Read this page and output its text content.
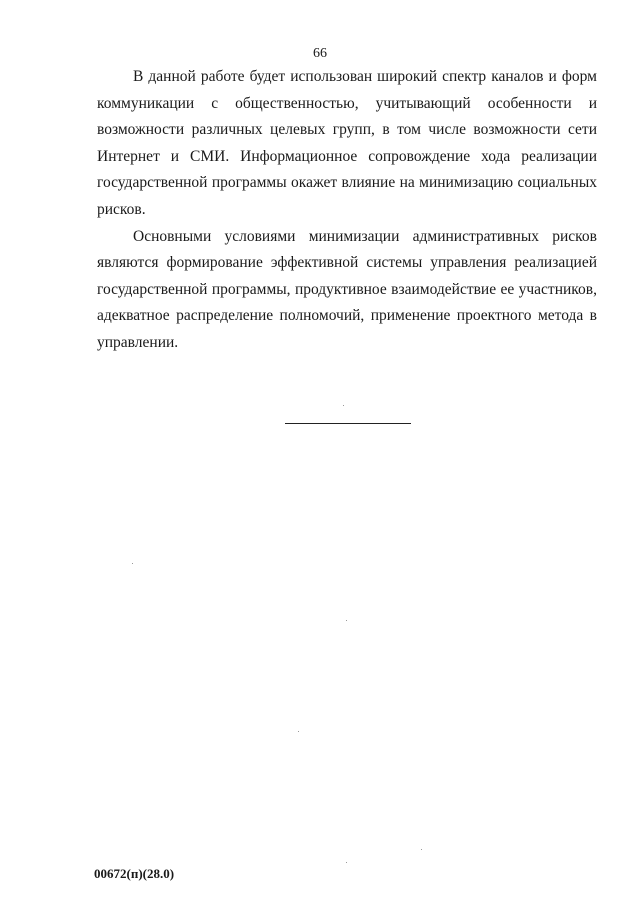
66

В данной работе будет использован широкий спектр каналов и форм коммуникации с общественностью, учитывающий особенности и возможности различных целевых групп, в том числе возможности сети Интернет и СМИ. Информационное сопровождение хода реализации государственной программы окажет влияние на минимизацию социальных рисков.

Основными условиями минимизации административных рисков являются формирование эффективной системы управления реализацией государственной программы, продуктивное взаимодействие ее участников, адекватное распределение полномочий, применение проектного метода в управлении.

00672(п)(28.0)
